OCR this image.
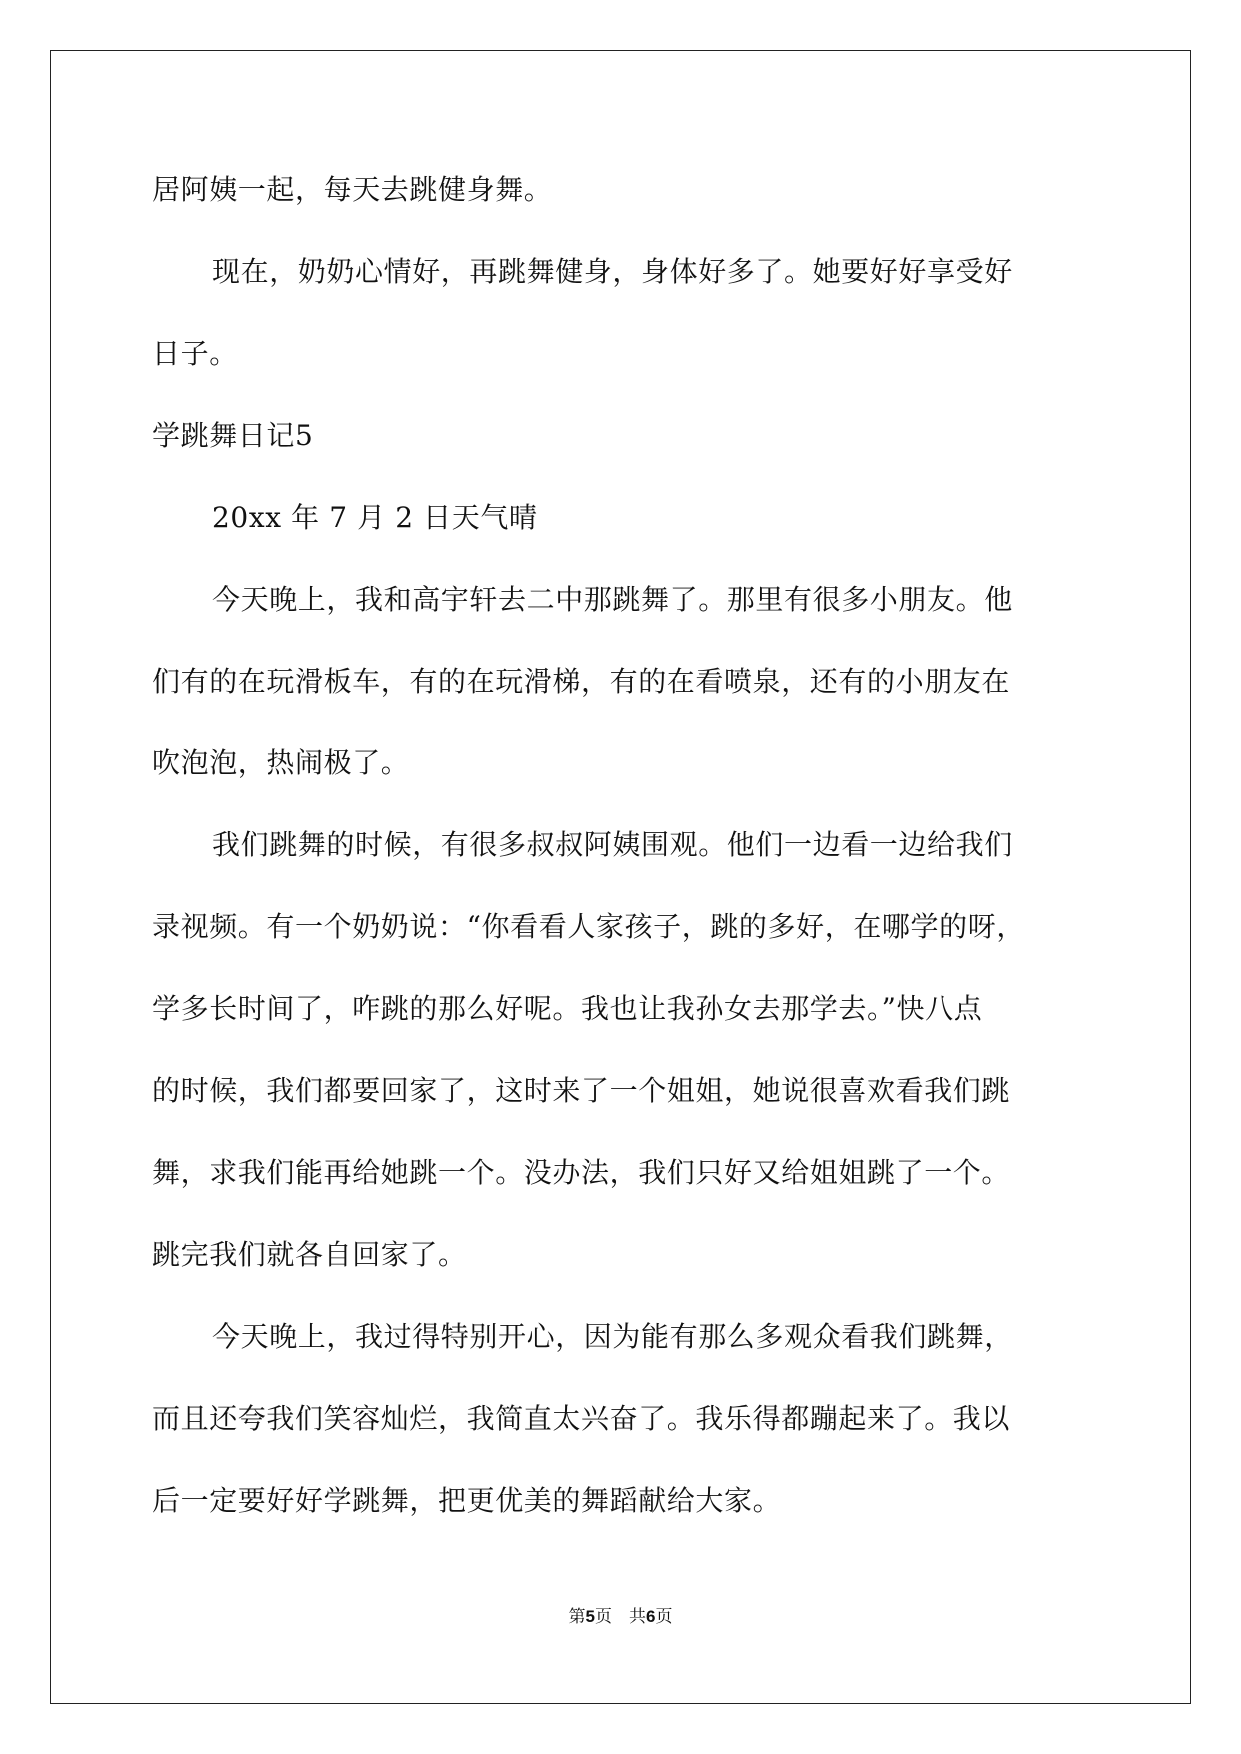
居阿姨一起，每天去跳健身舞。
现在，奶奶心情好，再跳舞健身，身体好多了。她要好好享受好
日子。
学跳舞日记5
20xx 年 7 月 2 日天气晴
今天晚上，我和高宇轩去二中那跳舞了。那里有很多小朋友。他
们有的在玩滑板车，有的在玩滑梯，有的在看喷泉，还有的小朋友在
吹泡泡，热闹极了。
我们跳舞的时候，有很多叔叔阿姨围观。他们一边看一边给我们
录视频。有一个奶奶说：“你看看人家孩子，跳的多好，在哪学的呀，
学多长时间了，咋跳的那么好呢。我也让我孙女去那学去。”快八点
的时候，我们都要回家了，这时来了一个姐姐，她说很喜欢看我们跳
舞，求我们能再给她跳一个。没办法，我们只好又给姐姐跳了一个。
跳完我们就各自回家了。
今天晚上，我过得特别开心，因为能有那么多观众看我们跳舞，
而且还夸我们笑容灿烂，我简直太兴奋了。我乐得都蹦起来了。我以
后一定要好好学跳舞，把更优美的舞蹈献给大家。
第5页　共6页
